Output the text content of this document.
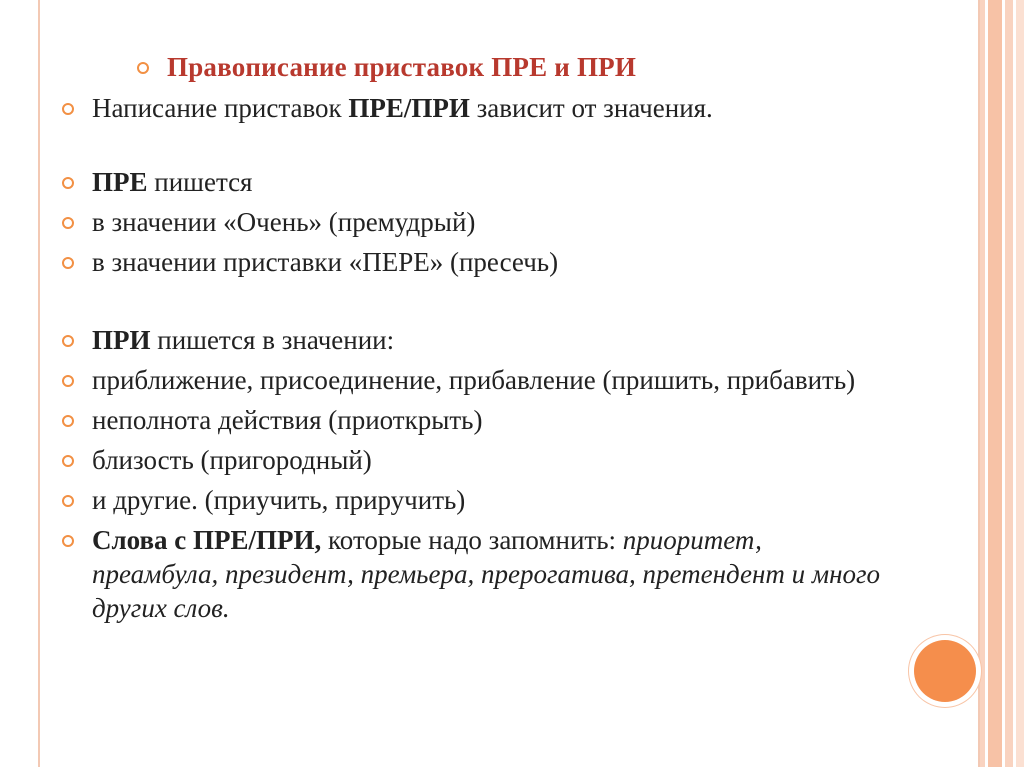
Правописание приставок ПРЕ и ПРИ
Написание приставок ПРЕ/ПРИ зависит от значения.
ПРЕ пишется
в значении «Очень» (премудрый)
в значении приставки «ПЕРЕ» (пресечь)
ПРИ пишется в значении:
приближение, присоединение, прибавление (пришить, прибавить)
неполнота действия (приоткрыть)
близость (пригородный)
и другие. (приучить, приручить)
Слова с ПРЕ/ПРИ, которые надо запомнить: приоритет, преамбула, президент, премьера, прерогатива, претендент и много других слов.
